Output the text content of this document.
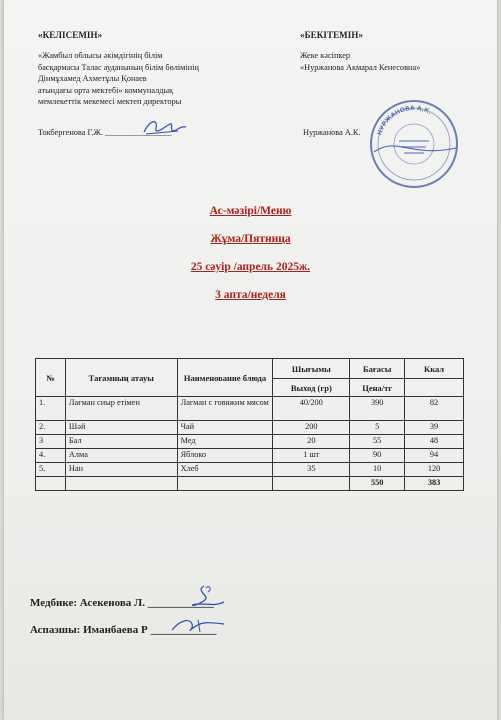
«КЕЛІСЕМІН»
«Жамбыл облысы әкімдігінің білім
басқармасы Талас ауданының білім бөлімінің
Дінмұхамед Ахметұлы Қонаев
атындағы орта мектебі» коммуналдық
мемлекеттік мекемесі мектеп директоры
Токбергенова Г.Ж. ________________
«БЕКІТЕМІН»
Жеке кәсіпкер
«Нуржанова Акмарал Кенесовна»
Нуржанова А.К.	НУРЖАНОВА А.К.
Ас-мәзірі/Меню
Жұма/Пятница
25 сәуір /апрель 2025ж.
3 апта/неделя
№	Тағамның атауы	Наименование блюда	Шығымы	Бағасы	Ккал
			Выход (гр)	Цена/тг	
1.	Лағман сиыр етімен	Лагман с говяжим мясом	40/200	390	82
2.	Шәй	Чай	200	5	39
3	Бал	Мед	20	55	48
4.	Алма	Яблоко	1 шт	90	94
5.	Нан	Хлеб	35	10	120
				550	383
Медбике: Асекенова Л. ____________
Аспазшы: Иманбаева Р ____________
